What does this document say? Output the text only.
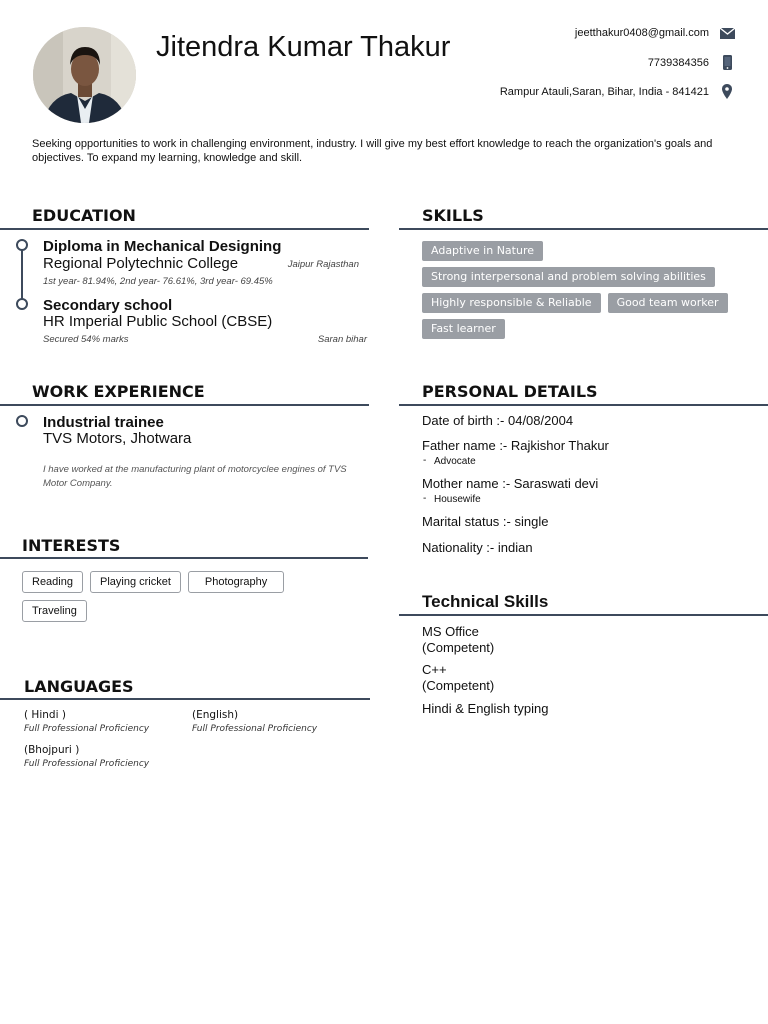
Jitendra Kumar Thakur	jeetthakur0408@gmail.com
7739384356
Rampur Atauli,Saran, Bihar, India - 841421
Seeking opportunities to work in challenging environment, industry. I will give my best effort knowledge to reach the organization's goals and objectives. To expand my learning, knowledge and skill.
EDUCATION
Diploma in Mechanical Designing
Regional Polytechnic College	Jaipur Rajasthan
1st year- 81.94%, 2nd year- 76.61%, 3rd year- 69.45%
Secondary school
HR Imperial Public School (CBSE)
Saran bihar
Secured 54% marks
SKILLS
Adaptive in Nature
Strong interpersonal and problem solving abilities
Highly responsible & Reliable	Good team worker
Fast learner
WORK EXPERIENCE
Industrial trainee
TVS Motors, Jhotwara
I have worked at the manufacturing plant of motorcyclee engines of TVS Motor Company.
PERSONAL DETAILS
Date of birth :- 04/08/2004
Father name :- Rajkishor Thakur
- Advocate
Mother name :- Saraswati devi
- Housewife
Marital status :- single
Nationality :- indian
INTERESTS
Reading	Playing cricket	Photography
Traveling	Technical Skills
MS Office
(Competent)
C++
(Competent)
Hindi & English typing
LANGUAGES
( Hindi )
Full Professional Proficiency
(English)
Full Professional Proficiency
(Bhojpuri )
Full Professional Proficiency
